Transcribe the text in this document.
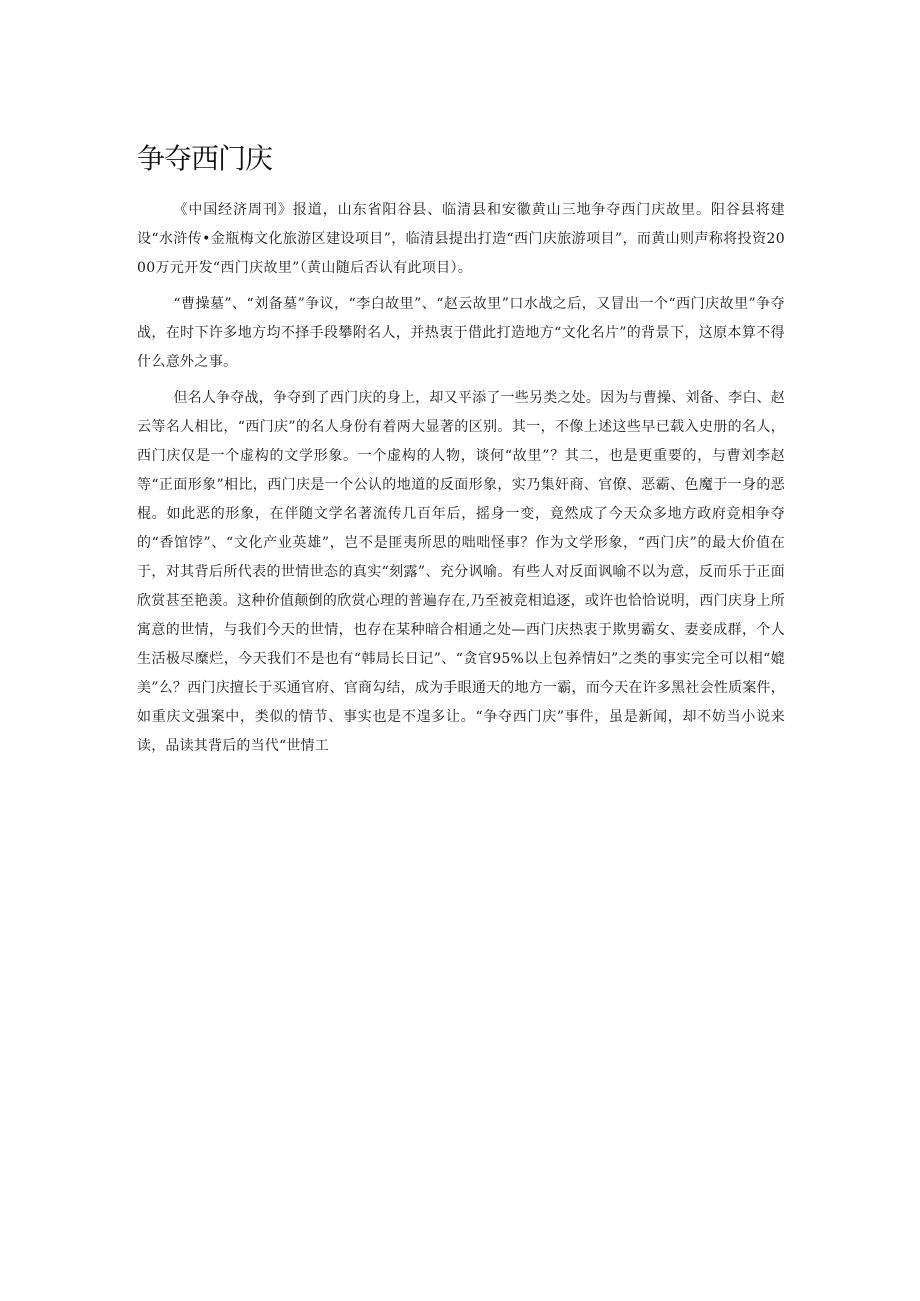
争夺西门庆

《中国经济周刊》报道，山东省阳谷县、临清县和安徽黄山三地争夺西门庆故里。阳谷县将建设“水浒传•金瓶梅文化旅游区建设项目”，临清县提出打造“西门庆旅游项目”，而黄山则声称将投资2000万元开发“西门庆故里”（黄山随后否认有此项目）。

“曹操墓”、“刘备墓”争议，“李白故里”、“赵云故里”口水战之后，又冒出一个“西门庆故里”争夺战，在时下许多地方均不择手段攀附名人，并热衷于借此打造地方“文化名片”的背景下，这原本算不得什么意外之事。

但名人争夺战，争夺到了西门庆的身上，却又平添了一些另类之处。因为与曹操、刘备、李白、赵云等名人相比，“西门庆”的名人身份有着两大显著的区别。其一，不像上述这些早已载入史册的名人，西门庆仅是一个虚构的文学形象。一个虚构的人物，谈何“故里”？其二，也是更重要的，与曹刘李赵等“正面形象”相比，西门庆是一个公认的地道的反面形象，实乃集奸商、官僚、恶霸、色魔于一身的恶棍。如此恶的形象，在伴随文学名著流传几百年后，摇身一变，竟然成了今天众多地方政府竞相争夺的“香馆饽”、“文化产业英雄”，岂不是匪夷所思的咄咄怪事？作为文学形象，“西门庆”的最大价值在于，对其背后所代表的世情世态的真实“刻露”、充分讽喻。有些人对反面讽喻不以为意，反而乐于正面欣赏甚至艳羡。这种价值颠倒的欣赏心理的普遍存在,乃至被竞相追逐，或许也恰恰说明，西门庆身上所寓意的世情，与我们今天的世情，也存在某种暗合相通之处—西门庆热衷于欺男霸女、妻妾成群，个人生活极尽糜烂，今天我们不是也有“韩局长日记”、“贪官95%以上包养情妇”之类的事实完全可以相“媲美”么？西门庆擅长于买通官府、官商勾结，成为手眼通天的地方一霸，而今天在许多黑社会性质案件，如重庆文强案中，类似的情节、事实也是不遑多让。“争夺西门庆”事件，虽是新闻，却不妨当小说来读，品读其背后的当代“世情工
